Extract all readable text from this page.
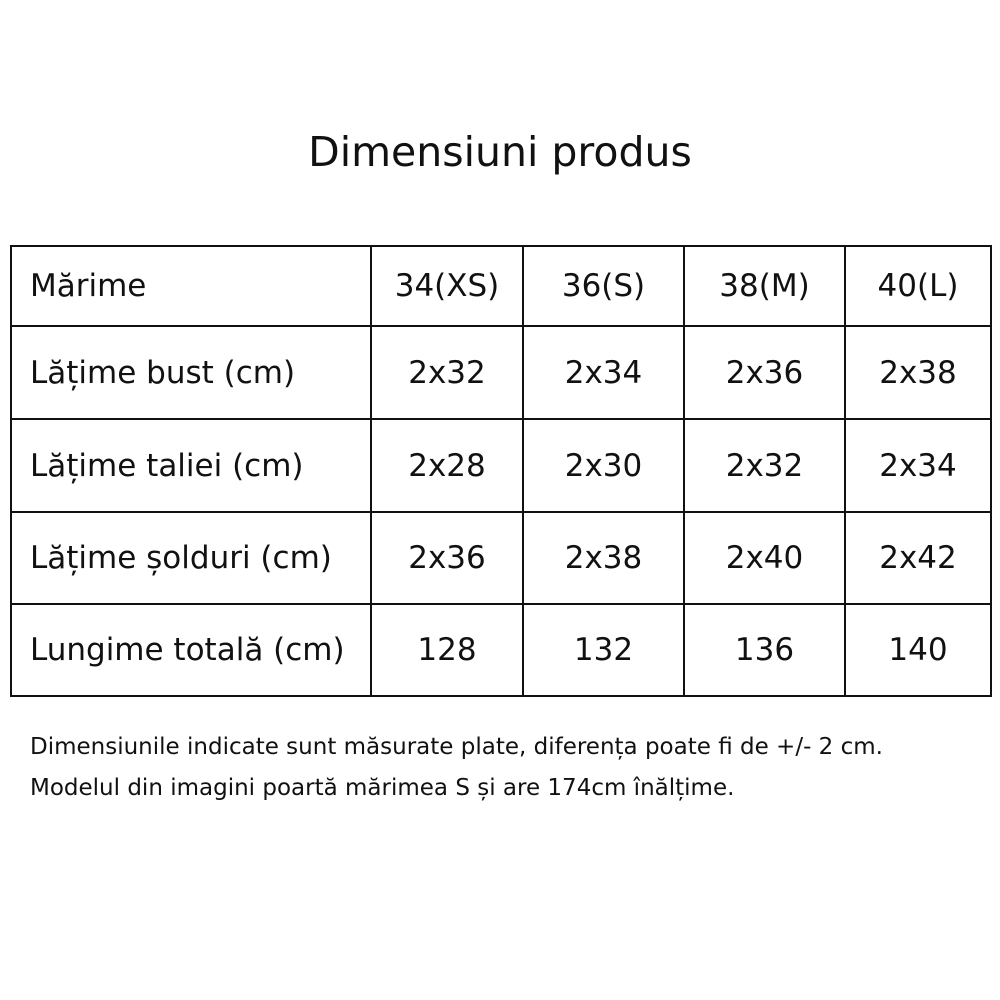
Dimensiuni produs
Mărime	34(XS)	36(S)	38(M)	40(L)
Lățime bust (cm)	2x32	2x34	2x36	2x38
Lățime taliei (cm)	2x28	2x30	2x32	2x34
Lățime șolduri (cm)	2x36	2x38	2x40	2x42
Lungime totală (cm)	128	132	136	140

Dimensiunile indicate sunt măsurate plate, diferența poate fi de +/- 2 cm.

Modelul din imagini poartă mărimea S și are 174cm înălțime.
